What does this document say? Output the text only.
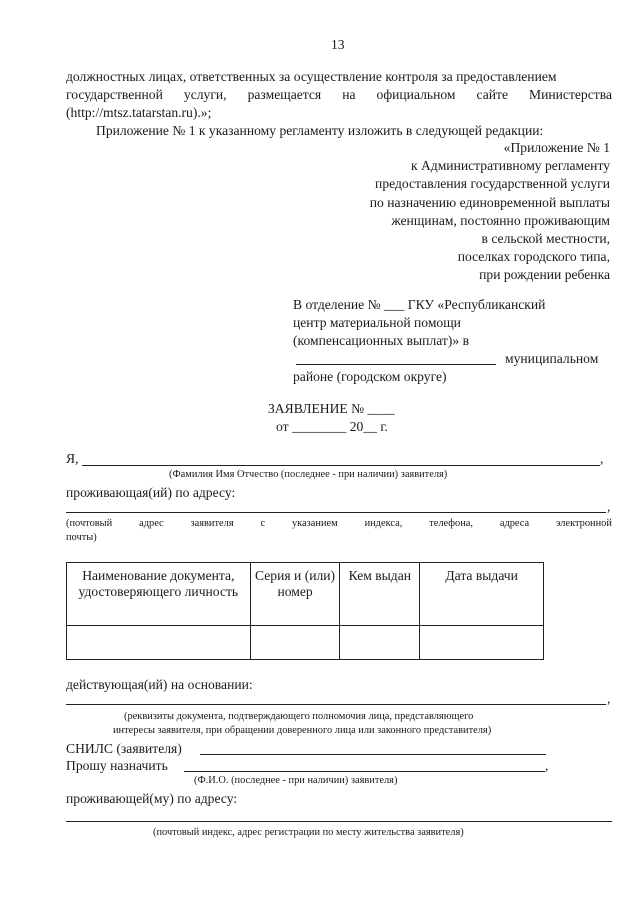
13
должностных лицах, ответственных за осуществление контроля за предоставлением
государственной услуги, размещается на официальном сайте Министерства
(http://mtsz.tatarstan.ru).»;
Приложение № 1 к указанному регламенту изложить в следующей редакции:
«Приложение № 1
к Административному регламенту
предоставления государственной услуги
по назначению единовременной выплаты
женщинам, постоянно проживающим
в сельской местности,
поселках городского типа,
при рождении ребенка
В отделение № ___ ГКУ «Республиканский
центр материальной помощи
(компенсационных выплат)» в
муниципальном
районе (городском округе)
ЗАЯВЛЕНИЕ № ____
от ________ 20__ г.
Я,	,
(Фамилия Имя Отчество (последнее - при наличии) заявителя)
проживающая(ий) по адресу:
,
(почтовый	адрес	заявителя	с	указанием	индекса,	телефона,	адреса	электронной
почты)
Наименование документа, удостоверяющего личность	Серия и (или) номер	Кем выдан	Дата выдачи

действующая(ий) на основании:
,
(реквизиты документа, подтверждающего полномочия лица, представляющего
интересы заявителя, при обращении доверенного лица или законного представителя)
СНИЛС (заявителя)
Прошу назначить	,
(Ф.И.О. (последнее - при наличии) заявителя)
проживающей(му) по адресу:
(почтовый индекс, адрес регистрации по месту жительства заявителя)
